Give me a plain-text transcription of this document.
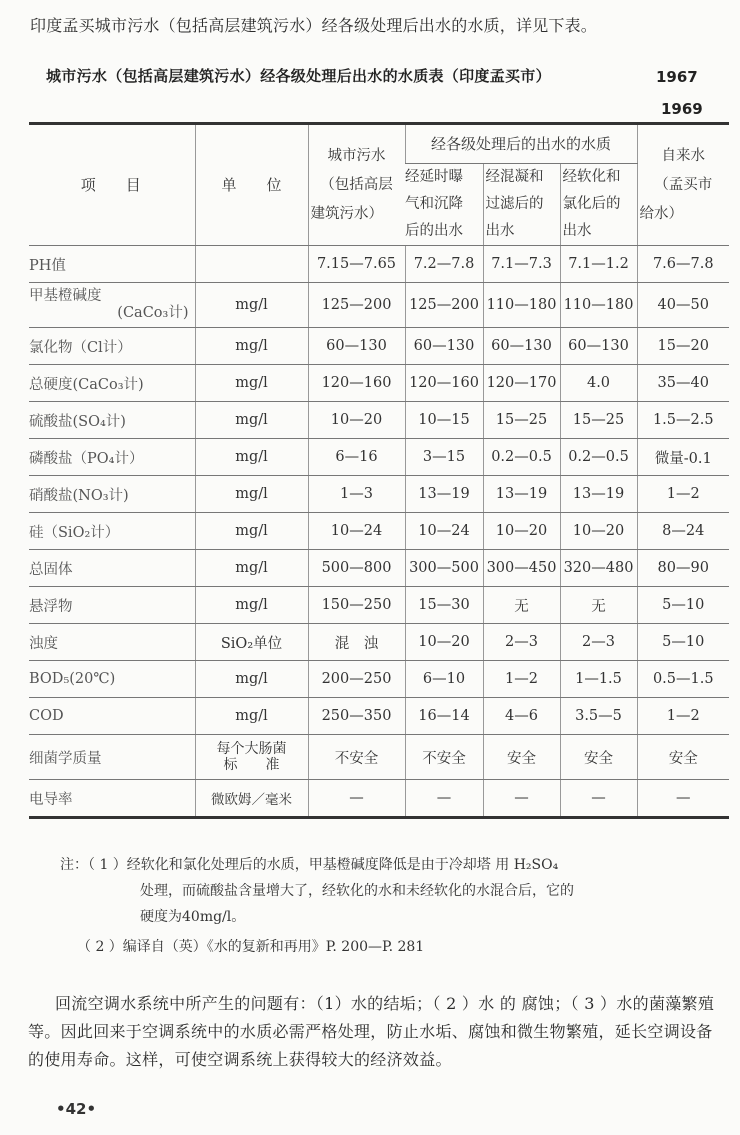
印度孟买城市污水（包括高层建筑污水）经各级处理后出水的水质，详见下表。
城市污水（包括高层建筑污水）经各级处理后出水的水质表（印度孟买市）	1967
1969
项　　目	单　　位	城市污水
（包括高层
建筑污水）	经各级处理后的出水的水质			自来水
（孟买市
给水）

			经延时曝
气和沉降
后的出水	经混凝和
过滤后的
出水	经软化和
氯化后的
出水	

PH值		7.15—7.65	7.2—7.8	7.1—7.3	7.1—1.2	7.6—7.8
甲基橙碱度
(CaCo₃计)	mg/l	125—200	125—200	110—180	110—180	40—50
氯化物（Cl计）	mg/l	60—130	60—130	60—130	60—130	15—20
总硬度(CaCo₃计)	mg/l	120—160	120—160	120—170	4.0	35—40
硫酸盐(SO₄计)	mg/l	10—20	10—15	15—25	15—25	1.5—2.5
磷酸盐（PO₄计）	mg/l	6—16	3—15	0.2—0.5	0.2—0.5	微量-0.1
硝酸盐(NO₃计)	mg/l	1—3	13—19	13—19	13—19	1—2
硅（SiO₂计）	mg/l	10—24	10—24	10—20	10—20	8—24
总固体	mg/l	500—800	300—500	300—450	320—480	80—90
悬浮物	mg/l	150—250	15—30	无	无	5—10
浊度	SiO₂单位	混　浊	10—20	2—3	2—3	5—10
BOD₅(20℃)	mg/l	200—250	6—10	1—2	1—1.5	0.5—1.5
COD	mg/l	250—350	16—14	4—6	3.5—5	1—2
细菌学质量	每个大肠菌
标　　准	不安全	不安全	安全	安全	安全
电导率	微欧姆／毫米	—	—	—	—	—
注：（ 1 ）经软化和氯化处理后的水质，甲基橙碱度降低是由于冷却塔 用 H₂SO₄
处理，而硫酸盐含量增大了，经软化的水和未经软化的水混合后，它的
硬度为40mg/l。
（ 2 ）编译自（英）《水的复新和再用》P. 200—P. 281
回流空调水系统中所产生的问题有：（1）水的结垢；（ 2 ）水 的 腐蚀；（ 3 ）水的菌藻繁殖等。因此回来于空调系统中的水质必需严格处理，防止水垢、腐蚀和微生物繁殖，延长空调设备的使用寿命。这样，可使空调系统上获得较大的经济效益。
•42•
